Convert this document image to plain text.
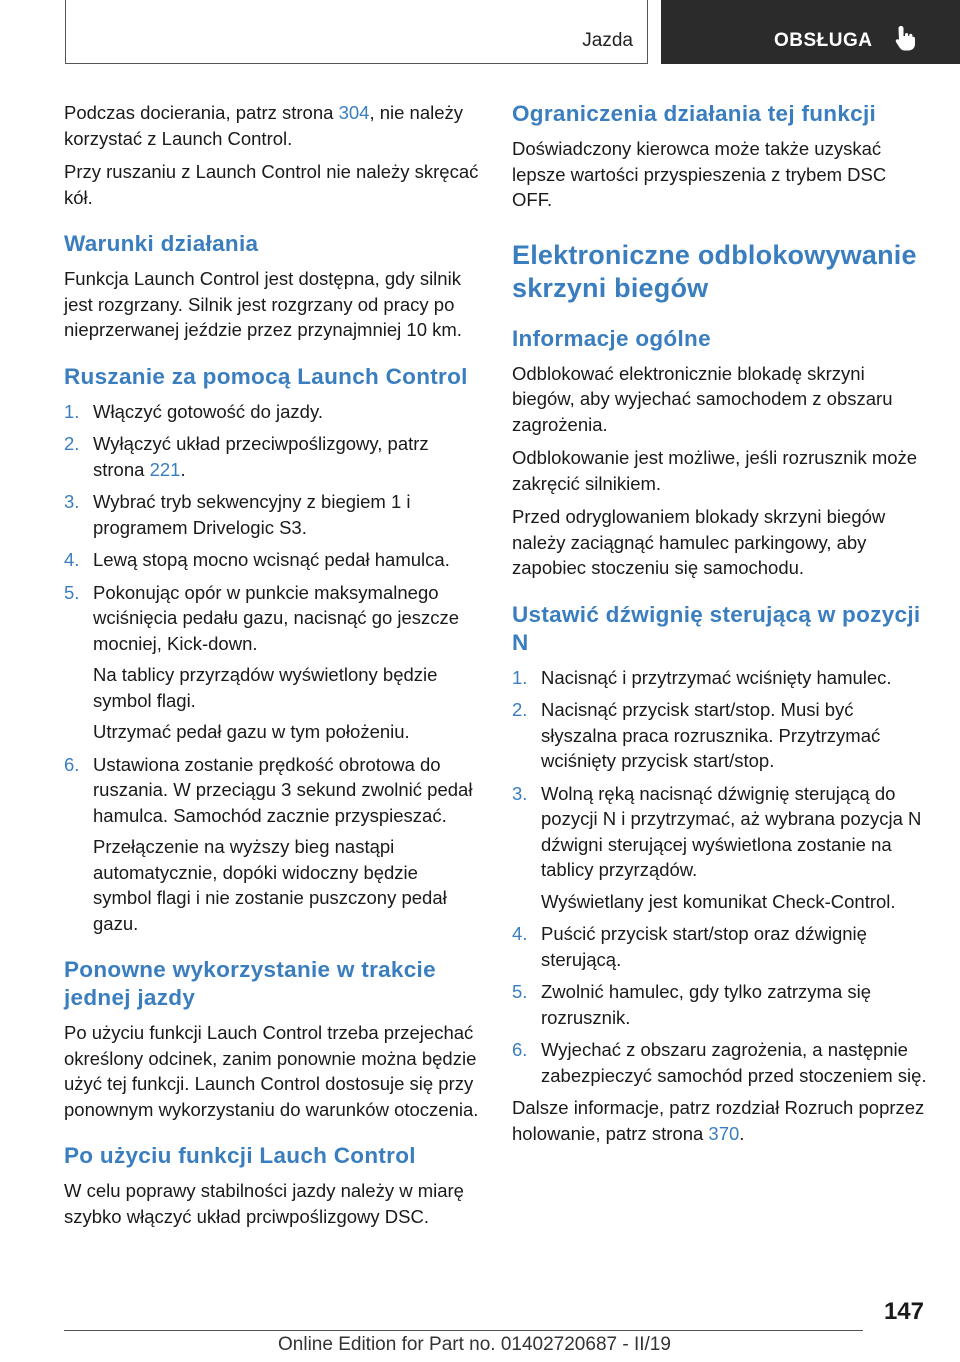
Jazda	OBSŁUGA

Podczas docierania, patrz strona 304, nie należy korzystać z Launch Control.

Przy ruszaniu z Launch Control nie należy skręcać kół.

Warunki działania

Funkcja Launch Control jest dostępna, gdy silnik jest rozgrzany. Silnik jest rozgrzany od pracy po nieprzerwanej jeździe przez przynajmniej 10 km.

Ruszanie za pomocą Launch Control
1. Włączyć gotowość do jazdy.
2. Wyłączyć układ przeciwpoślizgowy, patrz strona 221.
3. Wybrać tryb sekwencyjny z biegiem 1 i programem Drivelogic S3.
4. Lewą stopą mocno wcisnąć pedał hamulca.
5. Pokonując opór w punkcie maksymalnego wciśnięcia pedału gazu, nacisnąć go jeszcze mocniej, Kick-down.
Na tablicy przyrządów wyświetlony będzie symbol flagi.
Utrzymać pedał gazu w tym położeniu.
6. Ustawiona zostanie prędkość obrotowa do ruszania. W przeciągu 3 sekund zwolnić pedał hamulca. Samochód zacznie przyspieszać.
Przełączenie na wyższy bieg nastąpi automatycznie, dopóki widoczny będzie symbol flagi i nie zostanie puszczony pedał gazu.
Ponowne wykorzystanie w trakcie jednej jazdy

Po użyciu funkcji Lauch Control trzeba przejechać określony odcinek, zanim ponownie można będzie użyć tej funkcji. Launch Control dostosuje się przy ponownym wykorzystaniu do warunków otoczenia.

Po użyciu funkcji Lauch Control

W celu poprawy stabilności jazdy należy w miarę szybko włączyć układ prciwpoślizgowy DSC.

Ograniczenia działania tej funkcji

Doświadczony kierowca może także uzyskać lepsze wartości przyspieszenia z trybem DSC OFF.

Elektroniczne odblokowywanie skrzyni biegów
Informacje ogólne

Odblokować elektronicznie blokadę skrzyni biegów, aby wyjechać samochodem z obszaru zagrożenia.

Odblokowanie jest możliwe, jeśli rozrusznik może zakręcić silnikiem.

Przed odryglowaniem blokady skrzyni biegów należy zaciągnąć hamulec parkingowy, aby zapobiec stoczeniu się samochodu.

Ustawić dźwignię sterującą w pozycji N
1. Nacisnąć i przytrzymać wciśnięty hamulec.
2. Nacisnąć przycisk start/stop. Musi być słyszalna praca rozrusznika. Przytrzymać wciśnięty przycisk start/stop.
3. Wolną ręką nacisnąć dźwignię sterującą do pozycji N i przytrzymać, aż wybrana pozycja N dźwigni sterującej wyświetlona zostanie na tablicy przyrządów.
Wyświetlany jest komunikat Check-Control.
4. Puścić przycisk start/stop oraz dźwignię sterującą.
5. Zwolnić hamulec, gdy tylko zatrzyma się rozrusznik.
6. Wyjechać z obszaru zagrożenia, a następnie zabezpieczyć samochód przed stoczeniem się.

Dalsze informacje, patrz rozdział Rozruch poprzez holowanie, patrz strona 370.

147
Online Edition for Part no. 01402720687 - II/19
